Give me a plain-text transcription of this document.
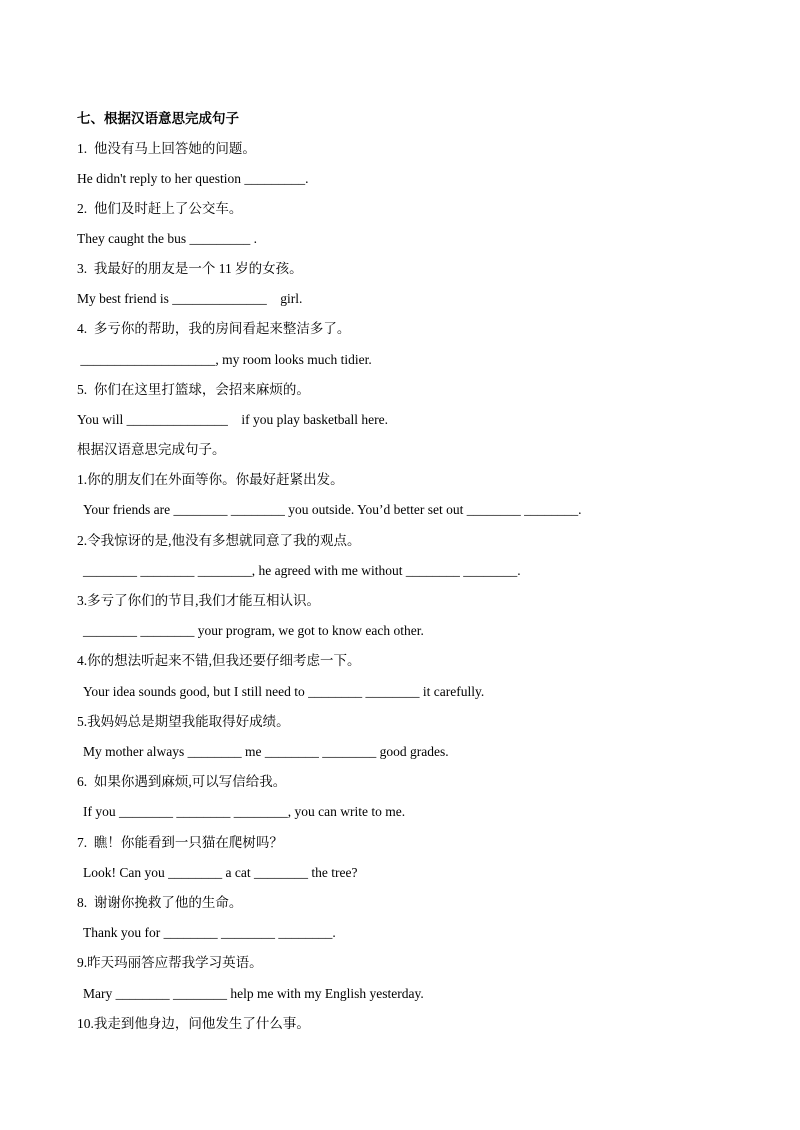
七、根据汉语意思完成句子
1.  他没有马上回答她的问题。
He didn't reply to her question _________.
2.  他们及时赶上了公交车。
They caught the bus _________ .
3.  我最好的朋友是一个 11 岁的女孩。
My best friend is ______________    girl.
4.  多亏你的帮助，我的房间看起来整洁多了。
____________________, my room looks much tidier.
5.  你们在这里打篮球，会招来麻烦的。
You will _______________    if you play basketball here.
根据汉语意思完成句子。
1.你的朋友们在外面等你。你最好赶紧出发。
Your friends are ________ ________ you outside. You’d better set out ________ ________.
2.令我惊讶的是,他没有多想就同意了我的观点。
________ ________ ________, he agreed with me without ________ ________.
3.多亏了你们的节目,我们才能互相认识。
________ ________ your program, we got to know each other.
4.你的想法听起来不错,但我还要仔细考虑一下。
Your idea sounds good, but I still need to ________ ________ it carefully.
5.我妈妈总是期望我能取得好成绩。
My mother always ________ me ________ ________ good grades.
6.  如果你遇到麻烦,可以写信给我。
If you ________ ________ ________, you can write to me.
7.  瞧！你能看到一只猫在爬树吗？
Look! Can you ________ a cat ________ the tree?
8.  谢谢你挽救了他的生命。
Thank you for ________ ________ ________.
9.昨天玛丽答应帮我学习英语。
Mary ________ ________ help me with my English yesterday.
10.我走到他身边，问他发生了什么事。
